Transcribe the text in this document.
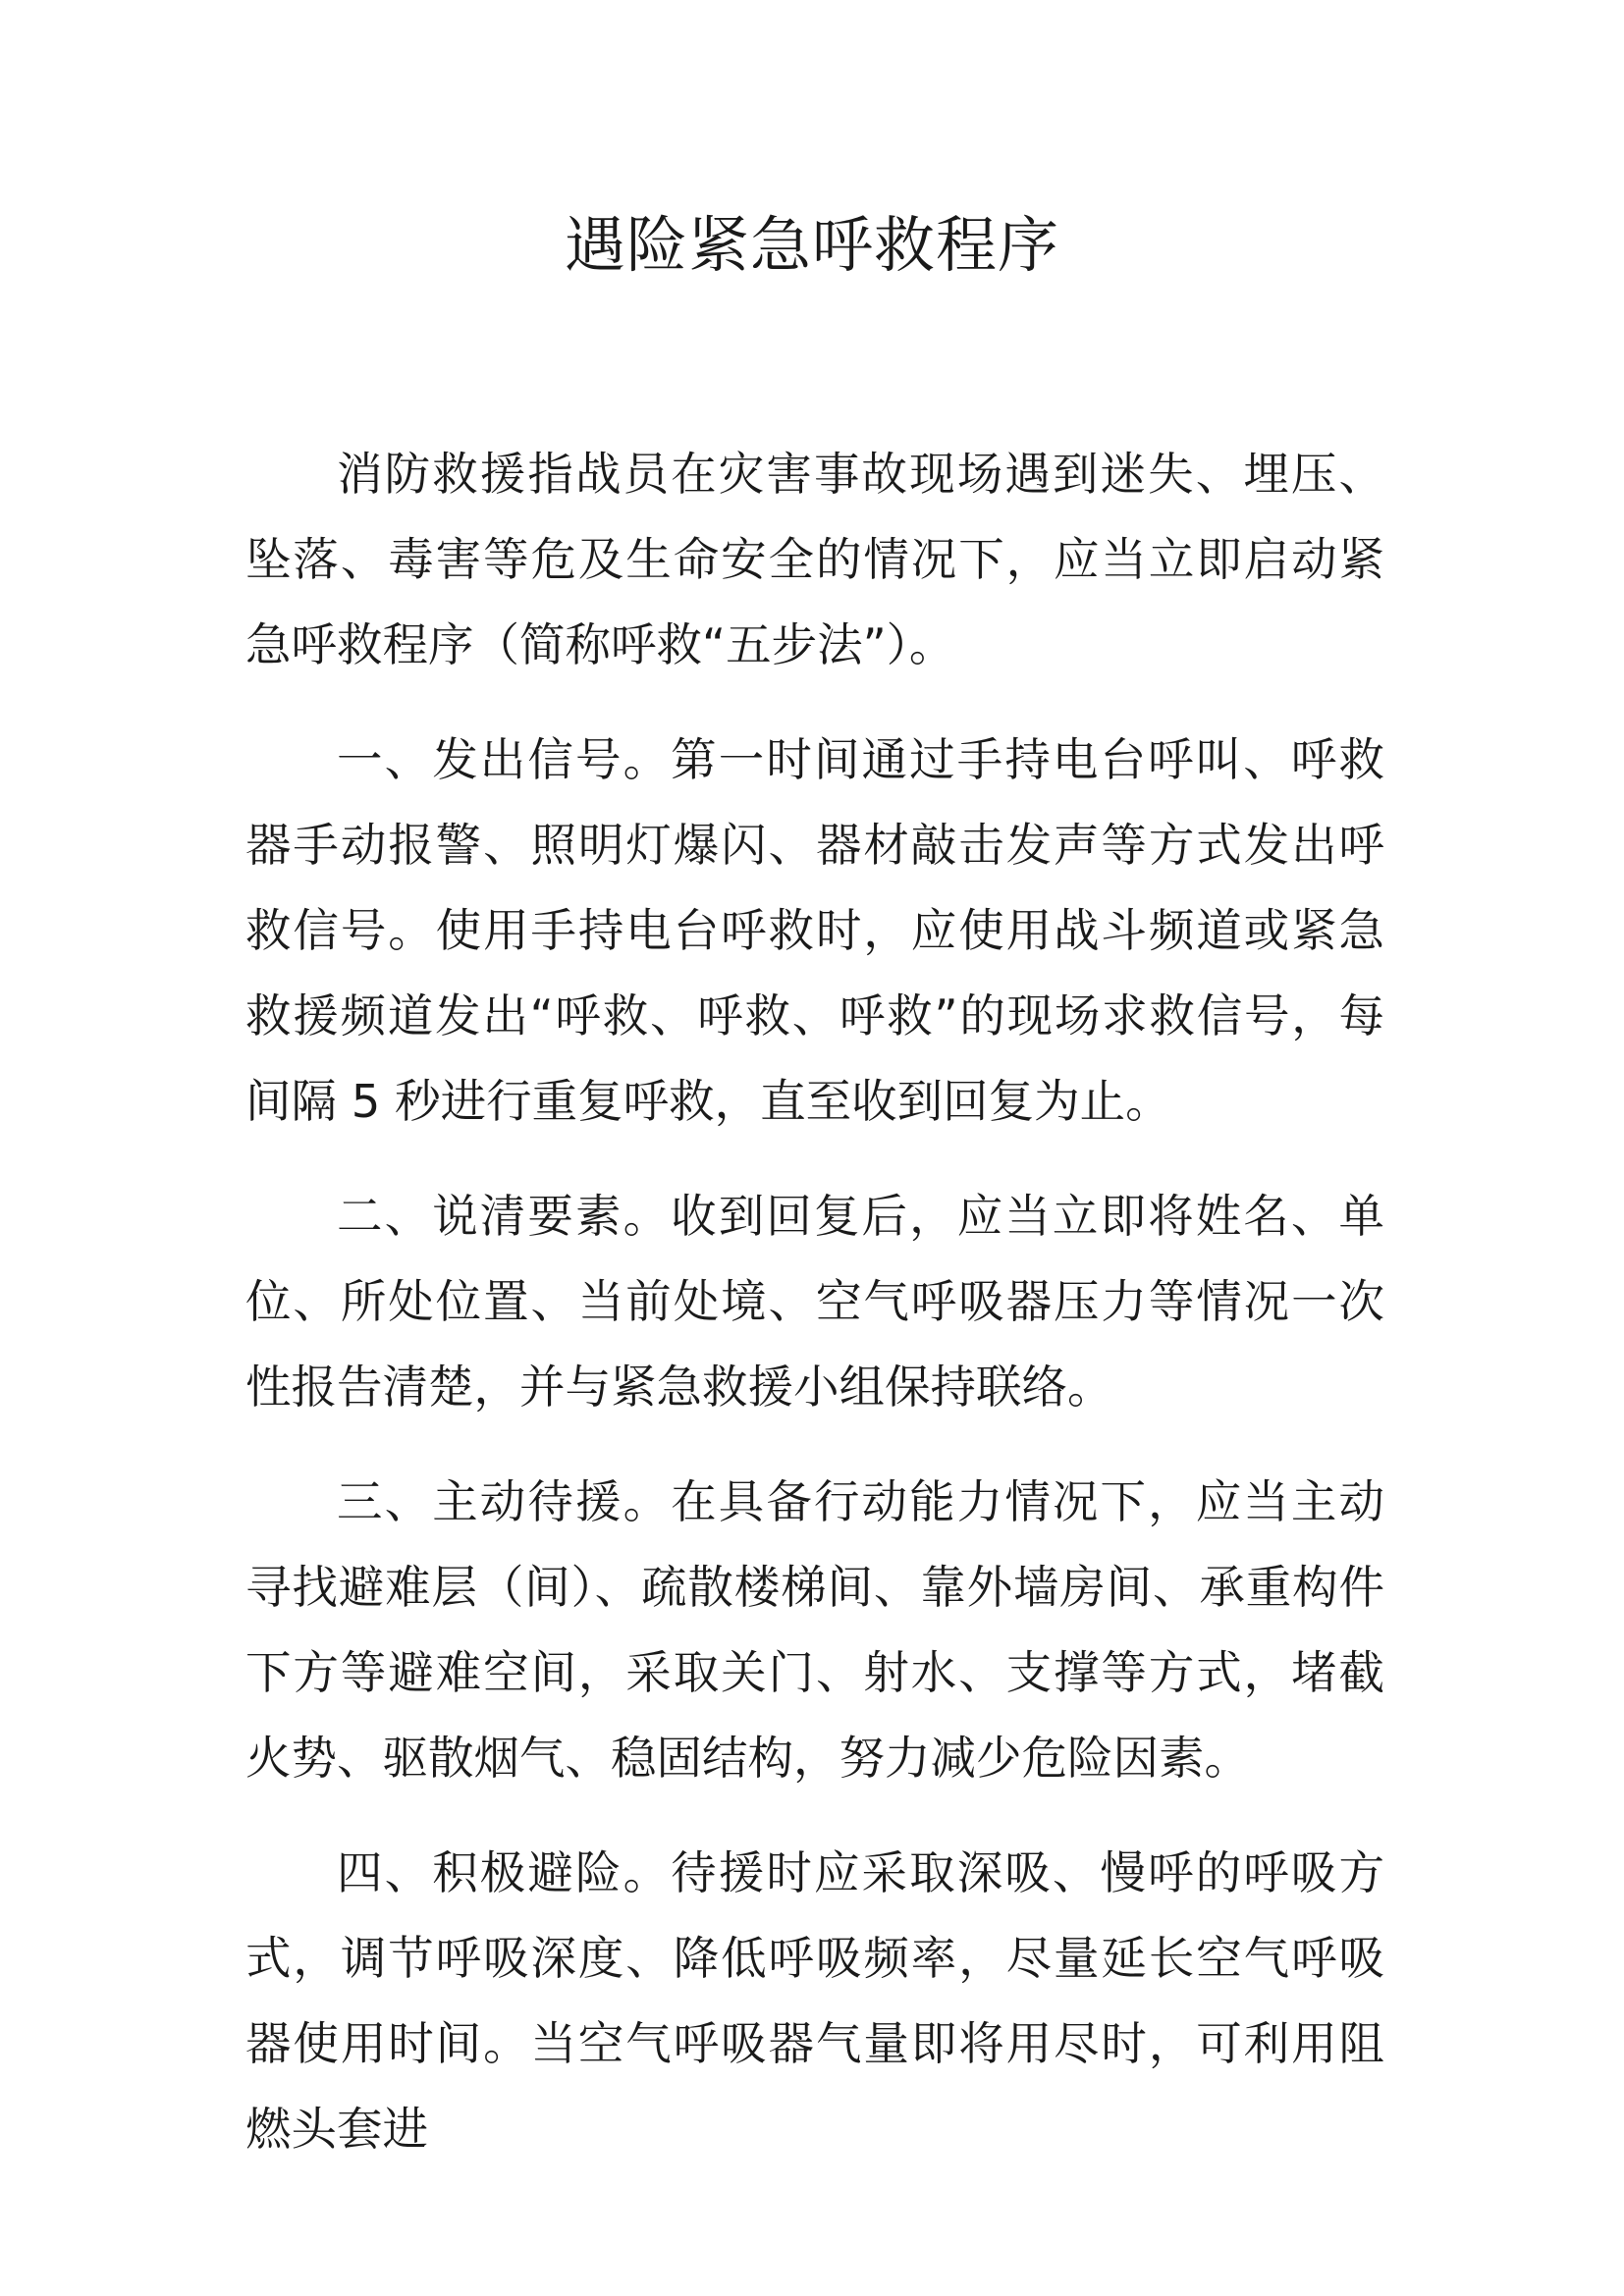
遇险紧急呼救程序

消防救援指战员在灾害事故现场遇到迷失、埋压、坠落、毒害等危及生命安全的情况下，应当立即启动紧急呼救程序（简称呼救“五步法”）。

一、发出信号。第一时间通过手持电台呼叫、呼救器手动报警、照明灯爆闪、器材敲击发声等方式发出呼救信号。使用手持电台呼救时，应使用战斗频道或紧急救援频道发出“呼救、呼救、呼救”的现场求救信号，每间隔 5 秒进行重复呼救，直至收到回复为止。

二、说清要素。收到回复后，应当立即将姓名、单位、所处位置、当前处境、空气呼吸器压力等情况一次性报告清楚，并与紧急救援小组保持联络。

三、主动待援。在具备行动能力情况下，应当主动寻找避难层（间）、疏散楼梯间、靠外墙房间、承重构件下方等避难空间，采取关门、射水、支撑等方式，堵截火势、驱散烟气、稳固结构，努力减少危险因素。

四、积极避险。待援时应采取深吸、慢呼的呼吸方式，调节呼吸深度、降低呼吸频率，尽量延长空气呼吸器使用时间。当空气呼吸器气量即将用尽时，可利用阻燃头套进
